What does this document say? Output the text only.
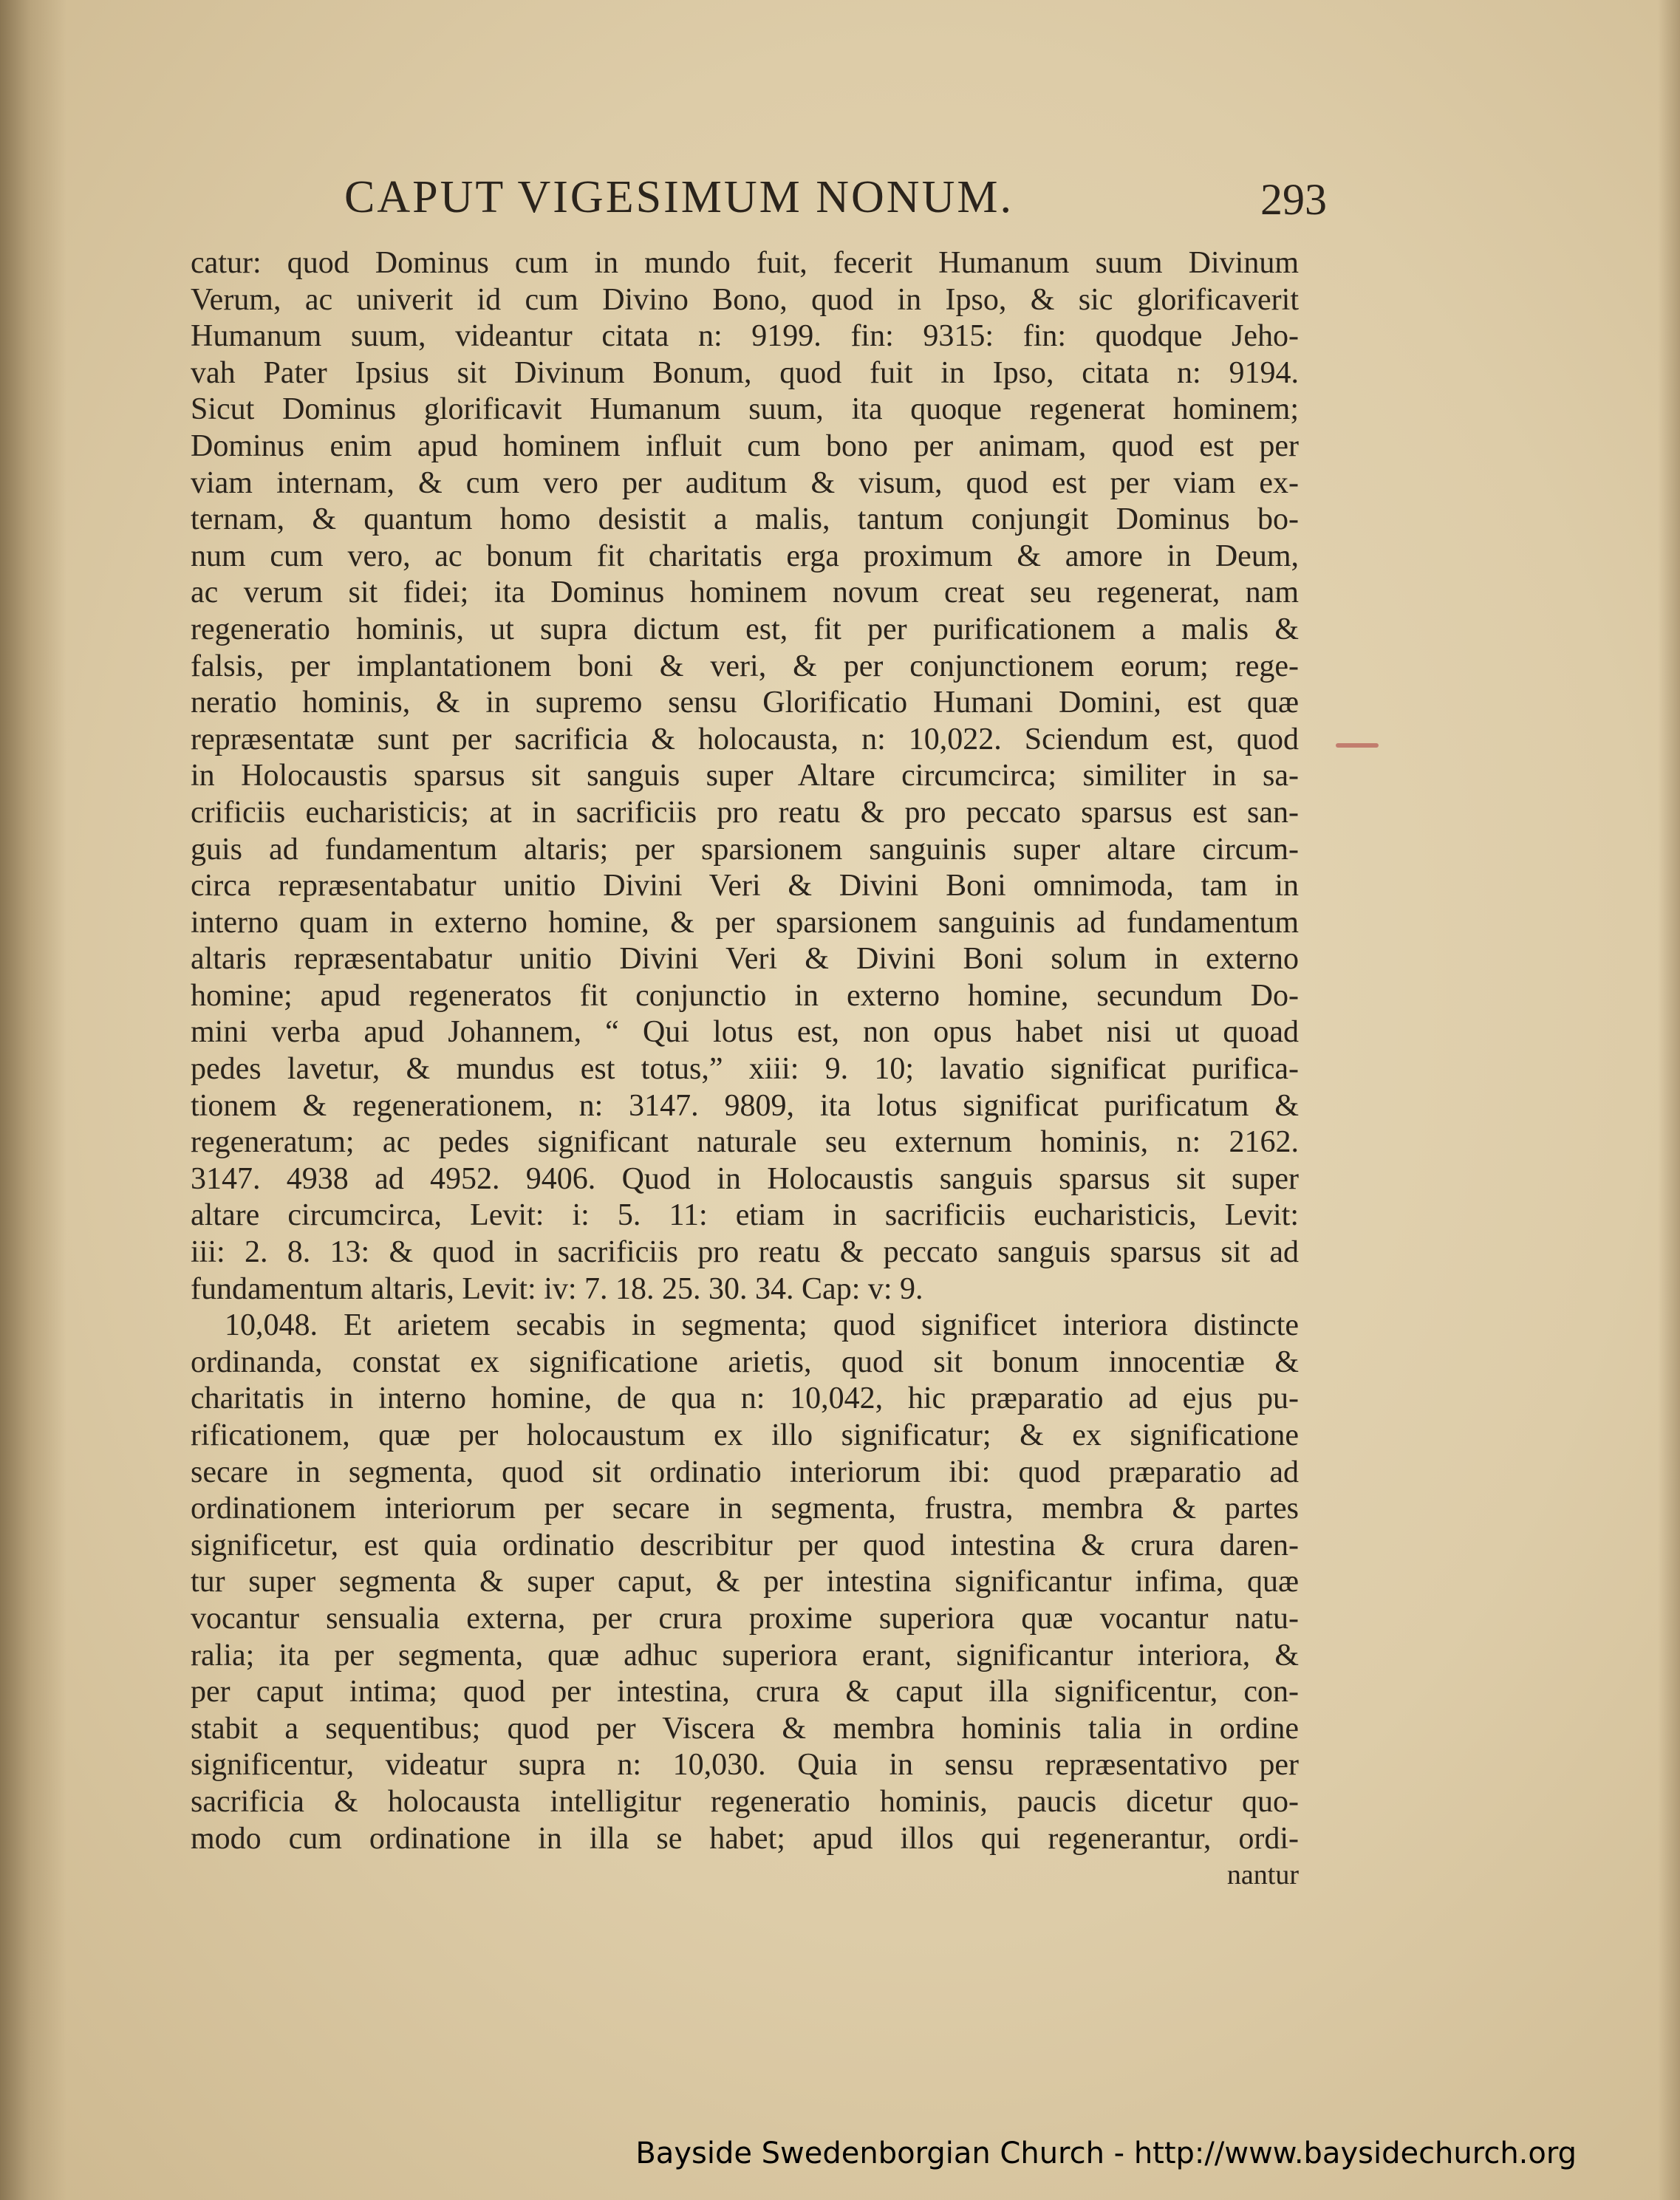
CAPUT VIGESIMUM NONUM.	293
catur: quod Dominus cum in mundo fuit, fecerit Humanum suum Divinum
Verum, ac univerit id cum Divino Bono, quod in Ipso, & sic glorificaverit
Humanum suum, videantur citata n: 9199. fin: 9315: fin: quodque Jeho-
vah Pater Ipsius sit Divinum Bonum, quod fuit in Ipso, citata n: 9194.
Sicut Dominus glorificavit Humanum suum, ita quoque regenerat hominem;
Dominus enim apud hominem influit cum bono per animam, quod est per
viam internam, & cum vero per auditum & visum, quod est per viam ex-
ternam, & quantum homo desistit a malis, tantum conjungit Dominus bo-
num cum vero, ac bonum fit charitatis erga proximum & amore in Deum,
ac verum sit fidei; ita Dominus hominem novum creat seu regenerat, nam
regeneratio hominis, ut supra dictum est, fit per purificationem a malis &
falsis, per implantationem boni & veri, & per conjunctionem eorum; rege-
neratio hominis, & in supremo sensu Glorificatio Humani Domini, est quæ
repræsentatæ sunt per sacrificia & holocausta, n: 10,022. Sciendum est, quod
in Holocaustis sparsus sit sanguis super Altare circumcirca; similiter in sa-
crificiis eucharisticis; at in sacrificiis pro reatu & pro peccato sparsus est san-
guis ad fundamentum altaris; per sparsionem sanguinis super altare circum-
circa repræsentabatur unitio Divini Veri & Divini Boni omnimoda, tam in
interno quam in externo homine, & per sparsionem sanguinis ad fundamentum
altaris repræsentabatur unitio Divini Veri & Divini Boni solum in externo
homine; apud regeneratos fit conjunctio in externo homine, secundum Do-
mini verba apud Johannem, “ Qui lotus est, non opus habet nisi ut quoad
pedes lavetur, & mundus est totus,” xiii: 9. 10; lavatio significat purifica-
tionem & regenerationem, n: 3147. 9809, ita lotus significat purificatum &
regeneratum; ac pedes significant naturale seu externum hominis, n: 2162.
3147. 4938 ad 4952. 9406. Quod in Holocaustis sanguis sparsus sit super
altare circumcirca, Levit: i: 5. 11: etiam in sacrificiis eucharisticis, Levit:
iii: 2. 8. 13: & quod in sacrificiis pro reatu & peccato sanguis sparsus sit ad
fundamentum altaris, Levit: iv: 7. 18. 25. 30. 34. Cap: v: 9.
10,048. Et arietem secabis in segmenta; quod significet interiora distincte
ordinanda, constat ex significatione arietis, quod sit bonum innocentiæ &
charitatis in interno homine, de qua n: 10,042, hic præparatio ad ejus pu-
rificationem, quæ per holocaustum ex illo significatur; & ex significatione
secare in segmenta, quod sit ordinatio interiorum ibi: quod præparatio ad
ordinationem interiorum per secare in segmenta, frustra, membra & partes
significetur, est quia ordinatio describitur per quod intestina & crura daren-
tur super segmenta & super caput, & per intestina significantur infima, quæ
vocantur sensualia externa, per crura proxime superiora quæ vocantur natu-
ralia; ita per segmenta, quæ adhuc superiora erant, significantur interiora, &
per caput intima; quod per intestina, crura & caput illa significentur, con-
stabit a sequentibus; quod per Viscera & membra hominis talia in ordine
significentur, videatur supra n: 10,030. Quia in sensu repræsentativo per
sacrificia & holocausta intelligitur regeneratio hominis, paucis dicetur quo-
modo cum ordinatione in illa se habet; apud illos qui regenerantur, ordi-
nantur
Bayside Swedenborgian Church - http://www.baysidechurch.org
